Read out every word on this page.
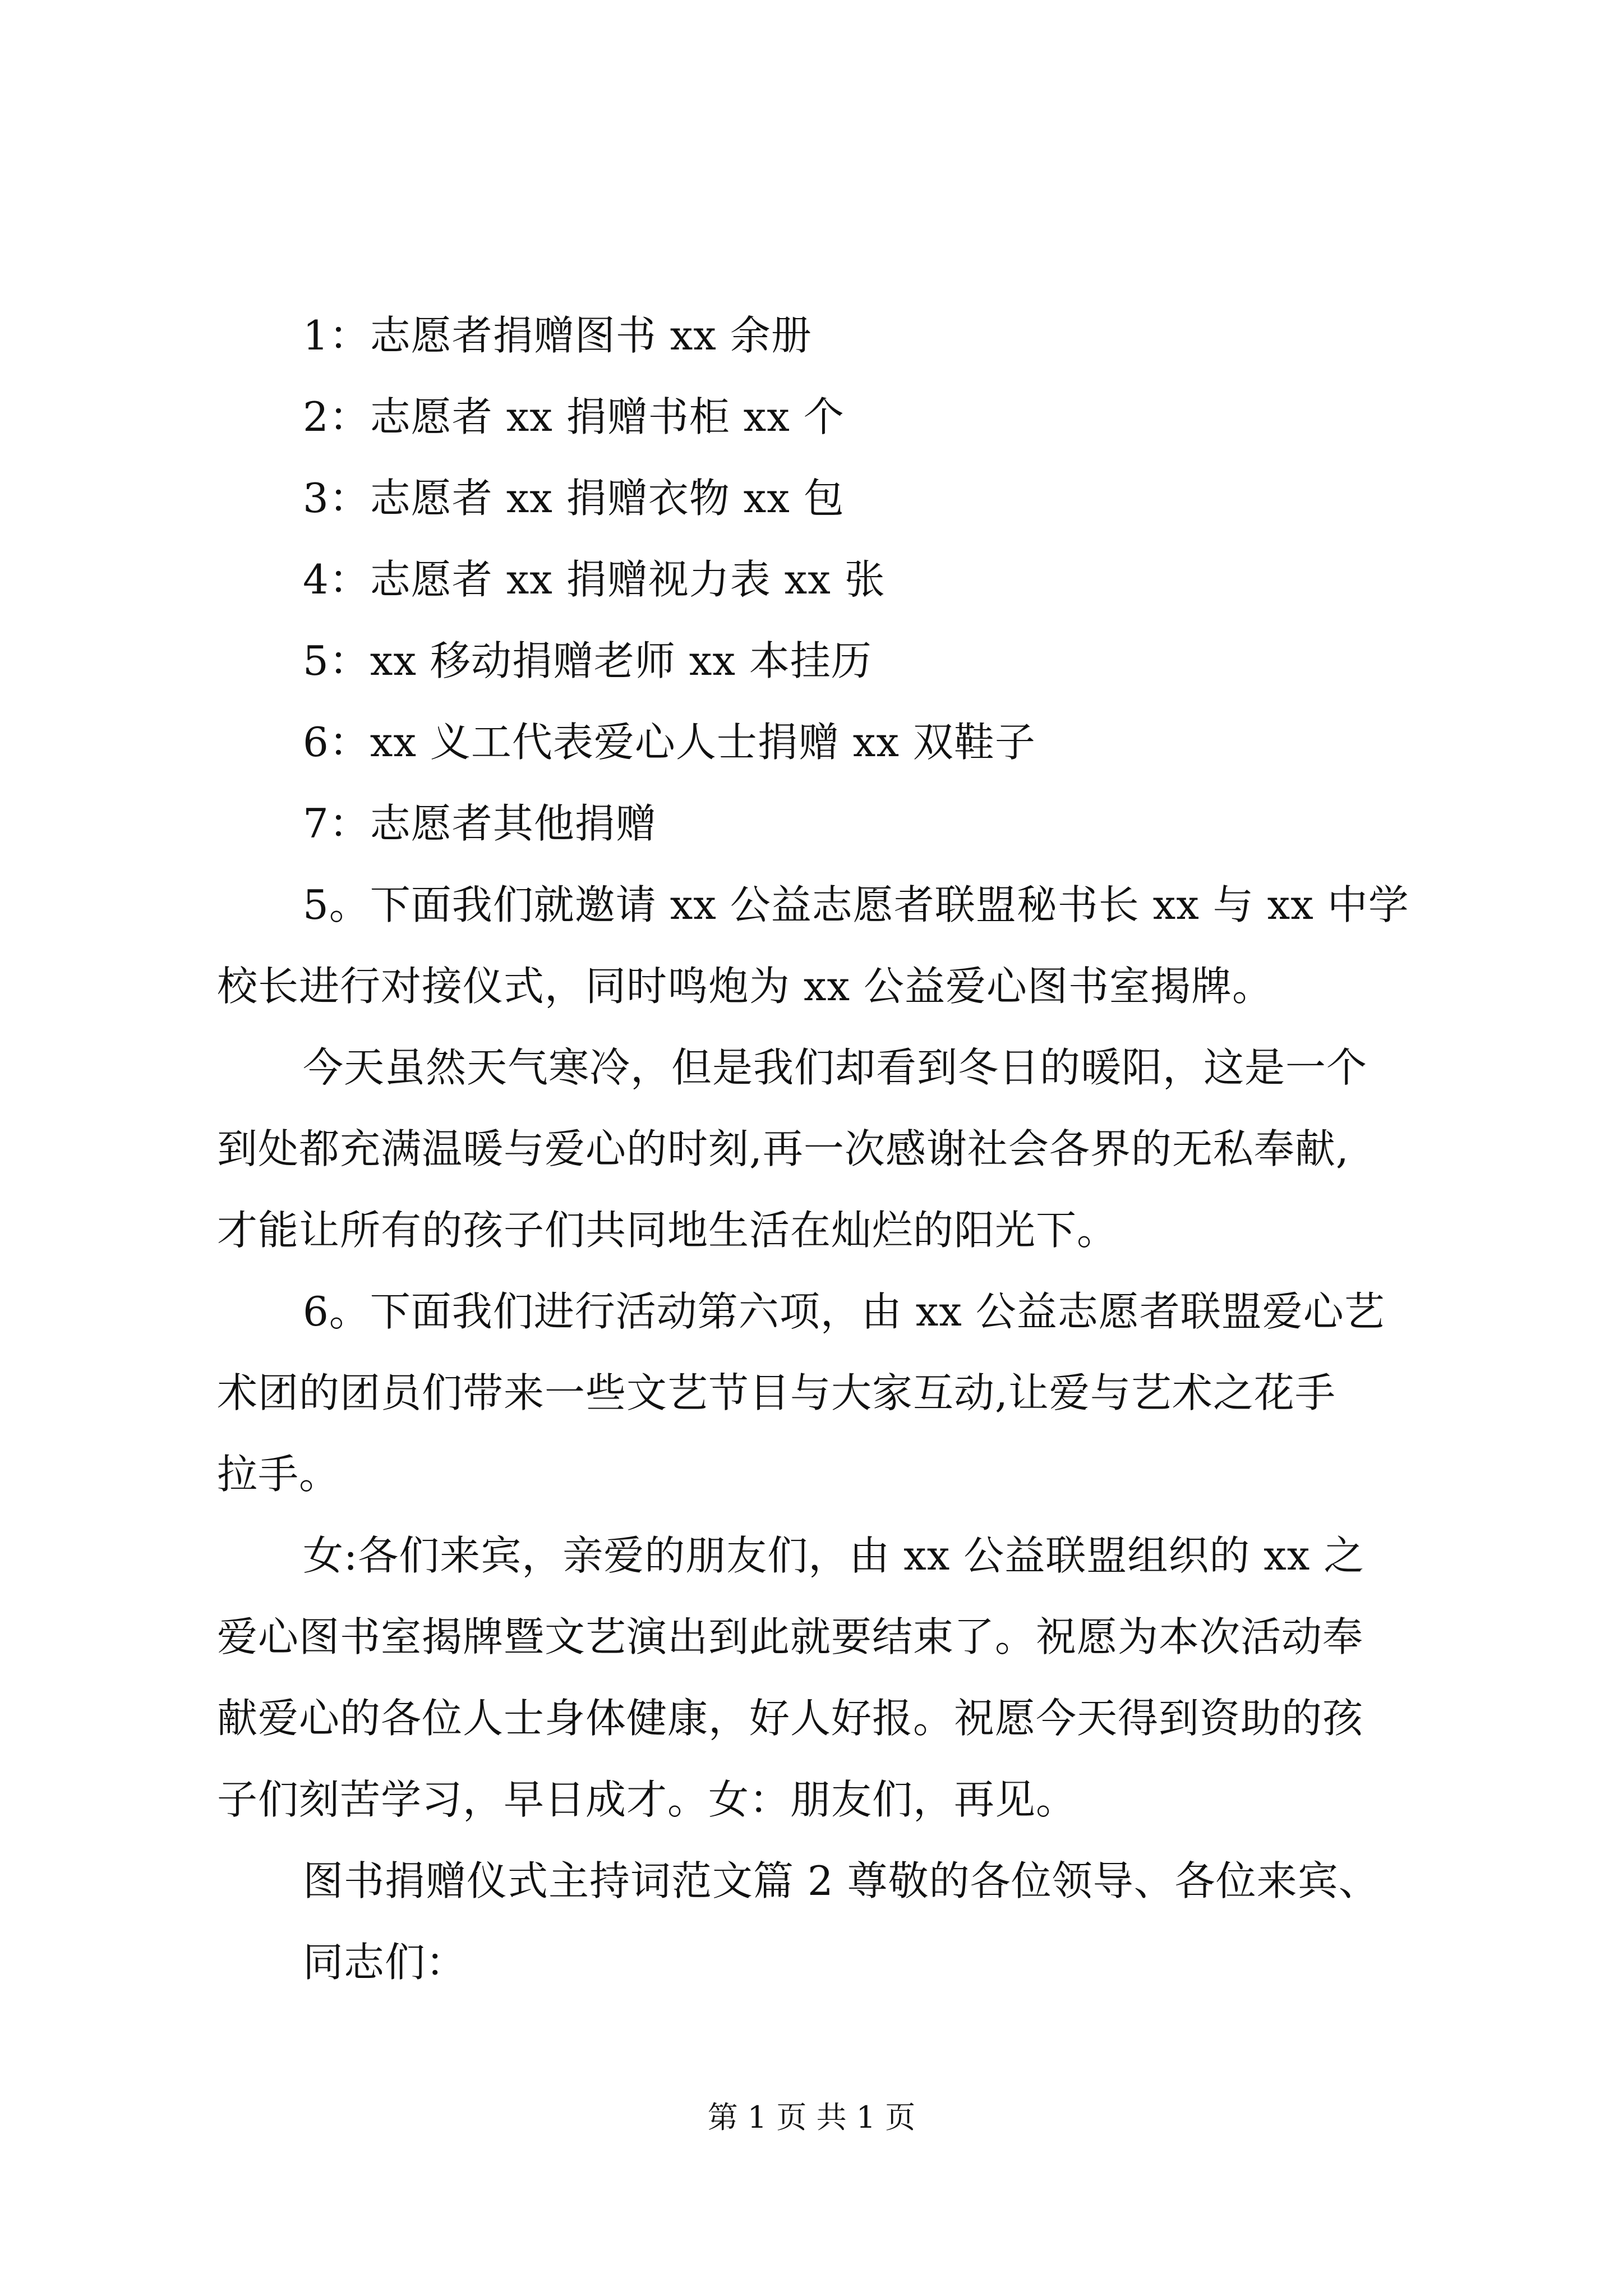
1：志愿者捐赠图书 xx 余册
2：志愿者 xx 捐赠书柜 xx 个
3：志愿者 xx 捐赠衣物 xx 包
4：志愿者 xx 捐赠视力表 xx 张
5：xx 移动捐赠老师 xx 本挂历
6：xx 义工代表爱心人士捐赠 xx 双鞋子
7：志愿者其他捐赠
5。下面我们就邀请 xx 公益志愿者联盟秘书长 xx 与 xx 中学
校长进行对接仪式，同时鸣炮为 xx 公益爱心图书室揭牌。
今天虽然天气寒冷，但是我们却看到冬日的暖阳，这是一个
到处都充满温暖与爱心的时刻,再一次感谢社会各界的无私奉献,
才能让所有的孩子们共同地生活在灿烂的阳光下。
6。下面我们进行活动第六项，由 xx 公益志愿者联盟爱心艺
术团的团员们带来一些文艺节目与大家互动,让爱与艺术之花手
拉手。
女:各们来宾，亲爱的朋友们，由 xx 公益联盟组织的 xx 之
爱心图书室揭牌暨文艺演出到此就要结束了。祝愿为本次活动奉
献爱心的各位人士身体健康，好人好报。祝愿今天得到资助的孩
子们刻苦学习，早日成才。女：朋友们，再见。
图书捐赠仪式主持词范文篇 2 尊敬的各位领导、各位来宾、
同志们：
第 1 页 共 1 页
